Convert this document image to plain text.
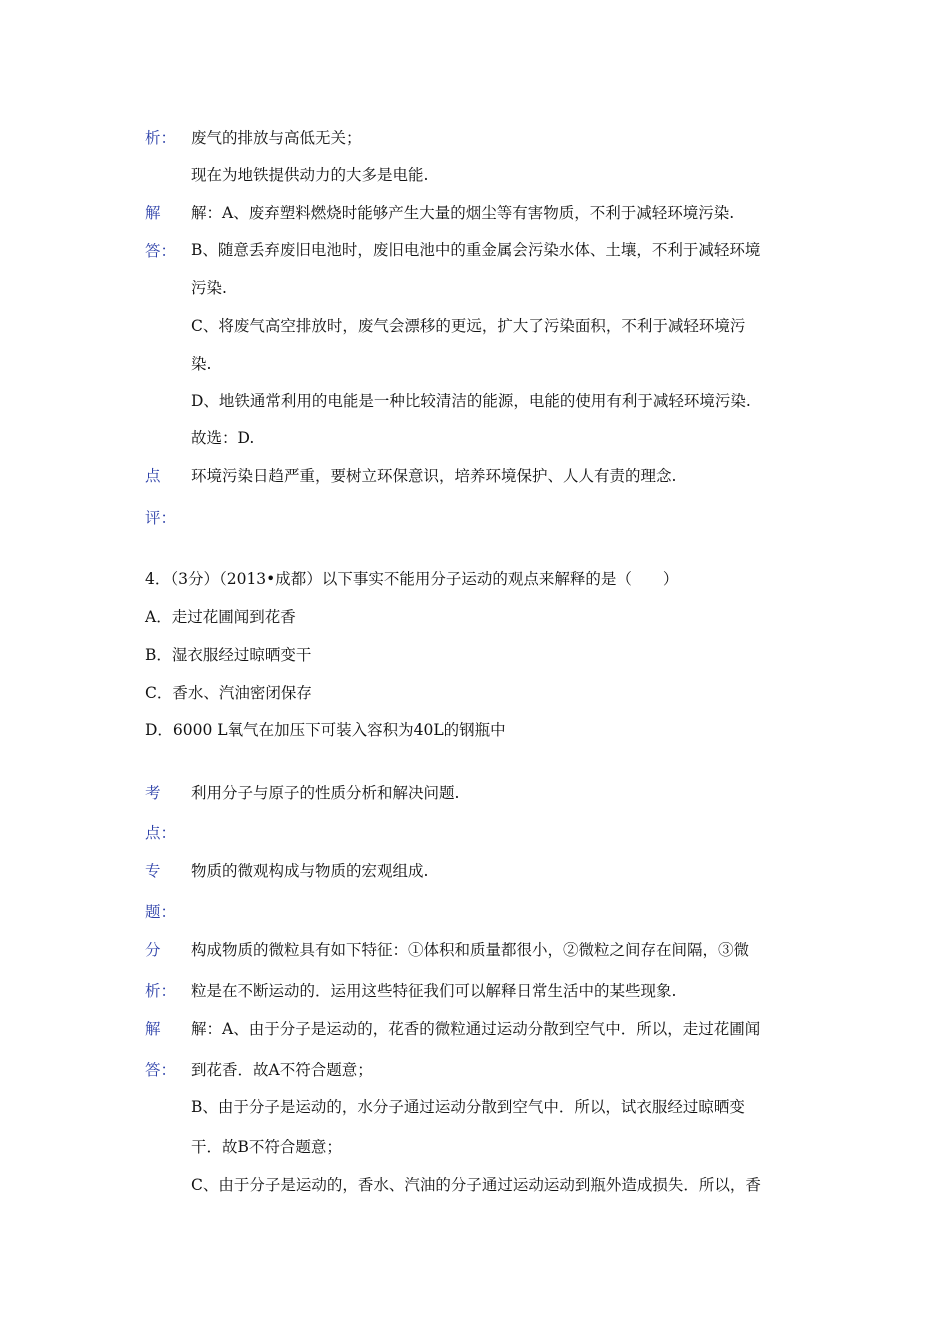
析： 废气的排放与高低无关；
现在为地铁提供动力的大多是电能.
解
答：
解：A、废弃塑料燃烧时能够产生大量的烟尘等有害物质，不利于减轻环境污染.
B、随意丢弃废旧电池时，废旧电池中的重金属会污染水体、土壤，不利于减轻环境
污染.
C、将废气高空排放时，废气会漂移的更远，扩大了污染面积，不利于减轻环境污
染.
D、地铁通常利用的电能是一种比较清洁的能源，电能的使用有利于减轻环境污染.
故选：D.
点
评：
环境污染日趋严重，要树立环保意识，培养环境保护、人人有责的理念.
4．（3分）（2013•成都）以下事实不能用分子运动的观点来解释的是（　　）
A．走过花圃闻到花香
B．湿衣服经过晾晒变干
C．香水、汽油密闭保存
D．6000 L氧气在加压下可装入容积为40L的钢瓶中
考
点：
利用分子与原子的性质分析和解决问题.
专
题：
物质的微观构成与物质的宏观组成.
分
析：
构成物质的微粒具有如下特征：①体积和质量都很小，②微粒之间存在间隔，③微
粒是在不断运动的．运用这些特征我们可以解释日常生活中的某些现象.
解
答：
解：A、由于分子是运动的，花香的微粒通过运动分散到空气中．所以，走过花圃闻
到花香．故A不符合题意；
B、由于分子是运动的，水分子通过运动分散到空气中．所以，试衣服经过晾晒变
干．故B不符合题意；
C、由于分子是运动的，香水、汽油的分子通过运动运动到瓶外造成损失．所以，香
